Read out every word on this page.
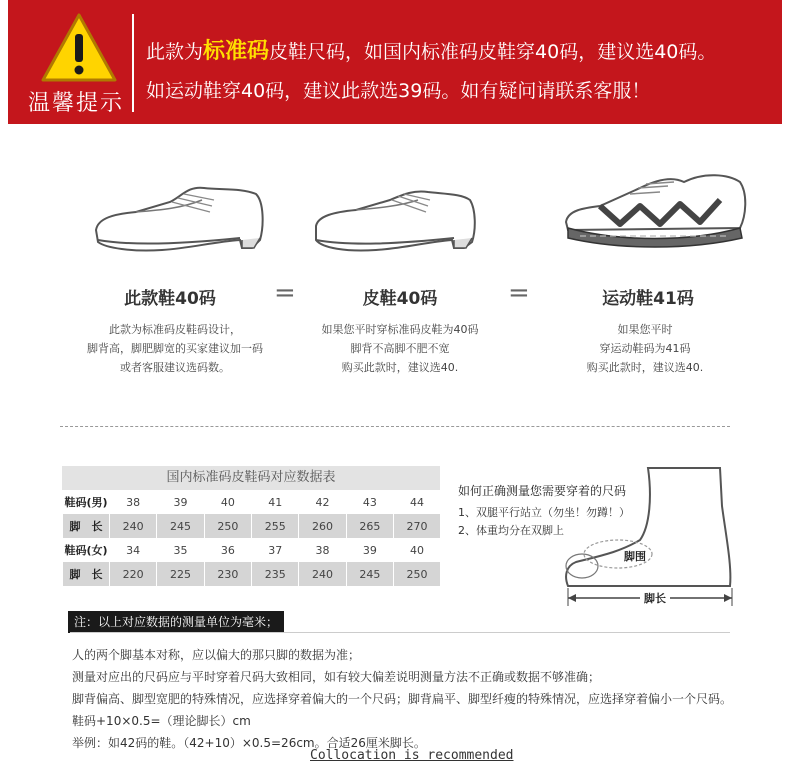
温馨提示
此款为标准码皮鞋尺码，如国内标准码皮鞋穿40码，建议选40码。
如运动鞋穿40码，建议此款选39码。如有疑问请联系客服！
此款鞋40码	=	皮鞋40码	=	运动鞋41码
此款为标准码皮鞋码设计，
脚背高，脚肥脚宽的买家建议加一码
或者客服建议选码数。
如果您平时穿标准码皮鞋为40码
脚背不高脚不肥不宽
购买此款时，建议选40.
如果您平时
穿运动鞋码为41码
购买此款时，建议选40.
国内标准码皮鞋码对应数据表
鞋码(男)	38	39	40	41	42	43	44
脚　长	240	245	250	255	260	265	270
鞋码(女)	34	35	36	37	38	39	40
脚　长	220	225	230	235	240	245	250
如何正确测量您需要穿着的尺码
1、双腿平行站立（勿坐！勿蹲！）
2、体重均分在双脚上
脚围
脚长
注：以上对应数据的测量单位为毫米；
人的两个脚基本对称，应以偏大的那只脚的数据为准；
测量对应出的尺码应与平时穿着尺码大致相同，如有较大偏差说明测量方法不正确或数据不够准确；
脚背偏高、脚型宽肥的特殊情况，应选择穿着偏大的一个尺码；脚背扁平、脚型纤瘦的特殊情况，应选择穿着偏小一个尺码。
鞋码+10×0.5=（理论脚长）cm
举例：如42码的鞋。（42+10）×0.5=26cm。合适26厘米脚长。
Collocation is recommended
